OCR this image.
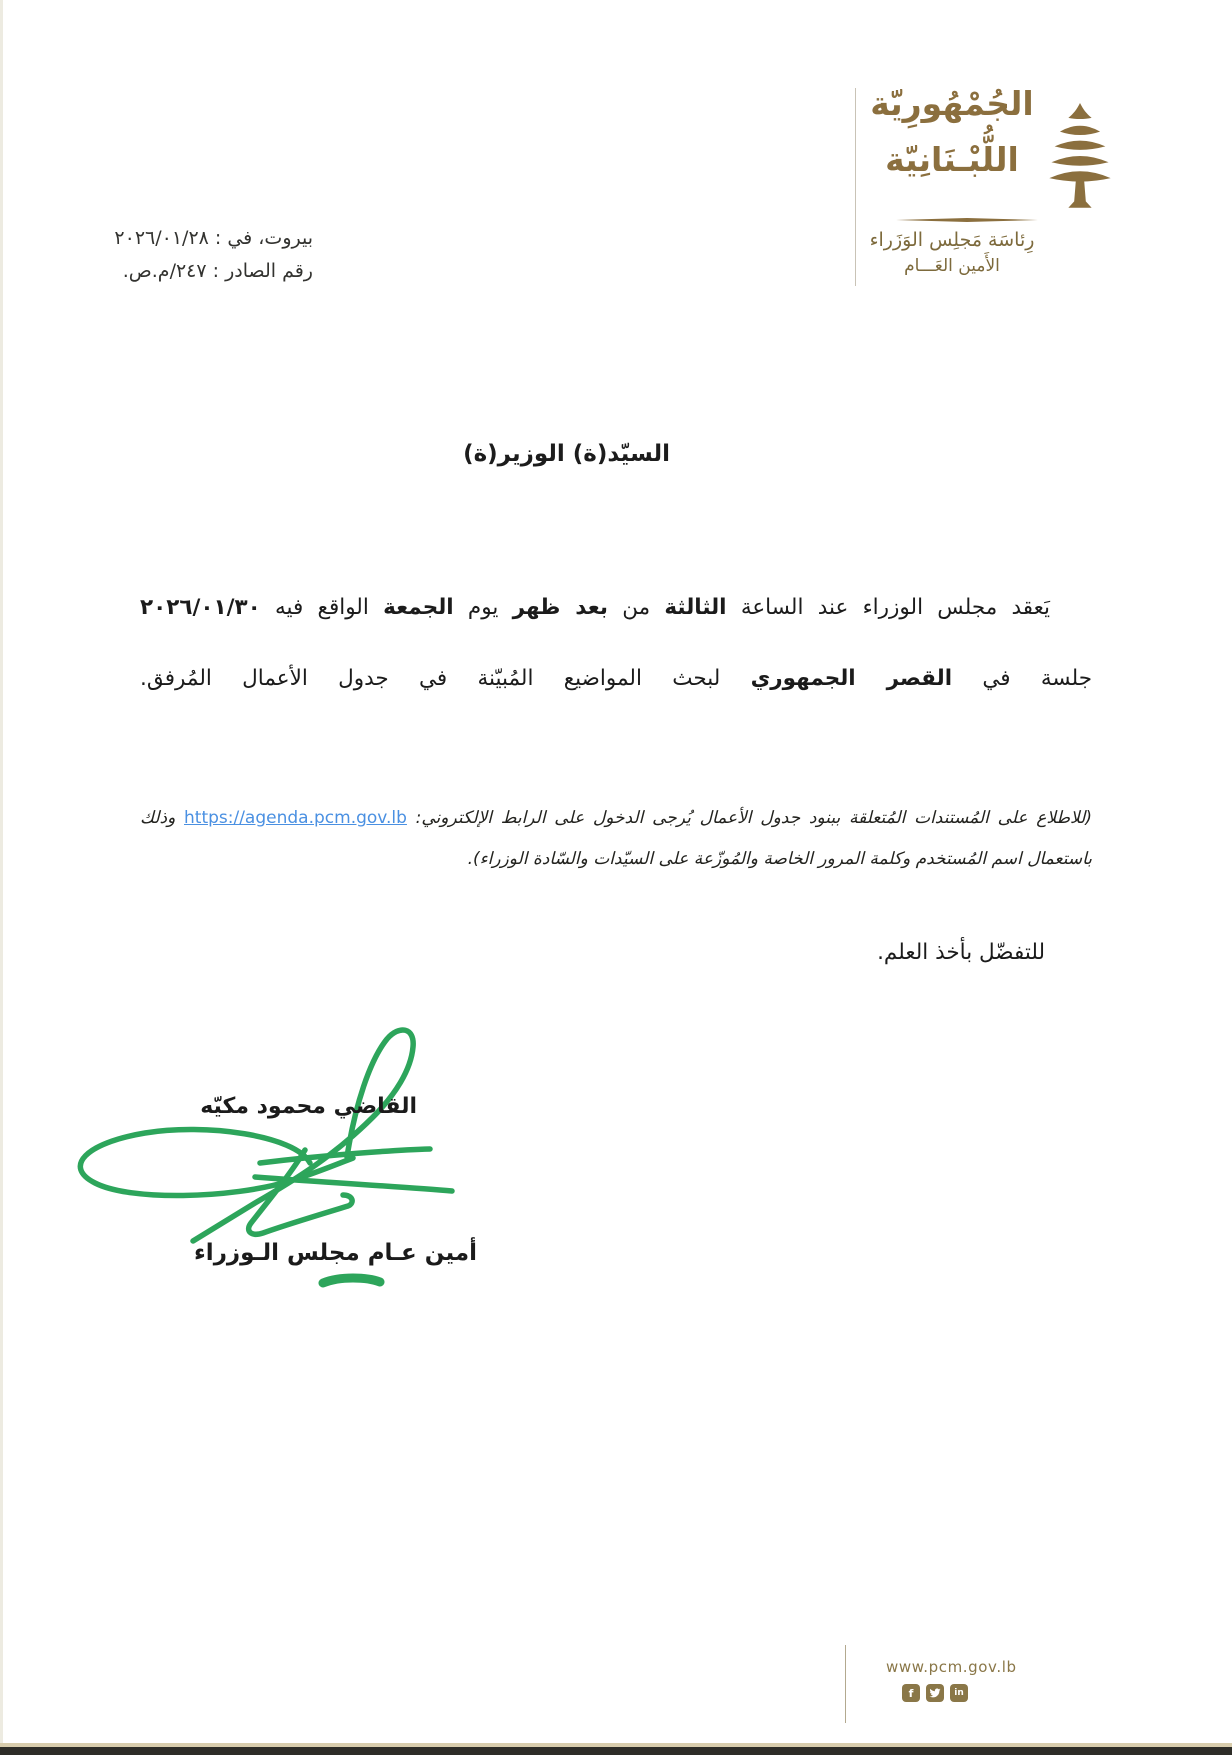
الجُمْهُورِيّة
اللُّبْـنَانِيّة
رِئاسَة مَجلِس الوَزَراء
الأَمين العَـــام
بيروت، في : ٢٠٢٦/٠١/٢٨
رقم الصادر : ٢٤٧/م.ص.
السيّد(ة) الوزير(ة)
يَعقد مجلس الوزراء عند الساعة الثالثة من بعد ظهر يوم الجمعة الواقع فيه ٢٠٢٦/٠١/٣٠
جلسة في القصر الجمهوري لبحث المواضيع المُبيّنة في جدول الأعمال المُرفق.
(للاطلاع على المُستندات المُتعلقة ببنود جدول الأعمال يُرجى الدخول على الرابط الإلكتروني: https://agenda.pcm.gov.lb وذلك
باستعمال اسم المُستخدم وكلمة المرور الخاصة والمُوزّعة على السيّدات والسّادة الوزراء).
للتفضّل بأخذ العلم.
القاضي محمود مكيّه
أمين عـام مجلس الـوزراء
www.pcm.gov.lb
f	in
